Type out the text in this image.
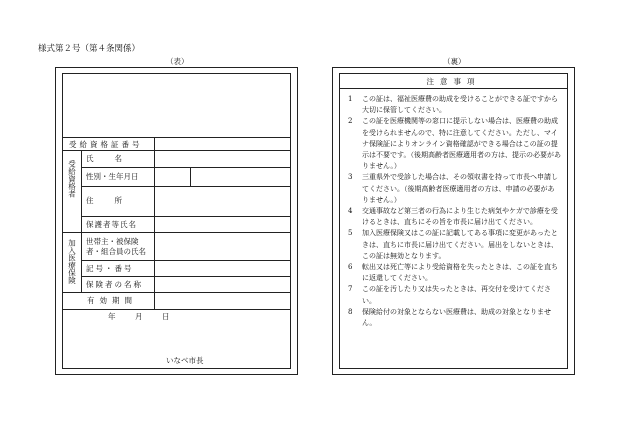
様式第２号（第４条関係）
（表）	（裏）
受給資格証番号
受給資格者
氏　　名
性別・生年月日
住　　所
保護者等氏名
加入医療保険 世帯主・被保険者・組合員の氏名
記号・番号
保険者の名称
有効期間
年　月　日
いなべ市長
注意事項
1 この証は、福祉医療費の助成を受けることができる証ですから大切に保管してください。
2 この証を医療機関等の窓口に提示しない場合は、医療費の助成を受けられませんので、特に注意してください。ただし、マイナ保険証によりオンライン資格確認ができる場合はこの証の提示は不要です。（後期高齢者医療適用者の方は、提示の必要がありません。）
3 三重県外で受診した場合は、その領収書を持って市長へ申請してください。（後期高齢者医療適用者の方は、申請の必要がありません。）
4 交通事故など第三者の行為により生じた病気やケガで診療を受けるときは、直ちにその旨を市長に届け出てください。
5 加入医療保険又はこの証に記載してある事項に変更があったときは、直ちに市長に届け出てください。届出をしないときは、この証は無効となります。
6 転出又は死亡等により受給資格を失ったときは、この証を直ちに返還してください。
7 この証を汚したり又は失ったときは、再交付を受けてください。
8 保険給付の対象とならない医療費は、助成の対象となりません。
